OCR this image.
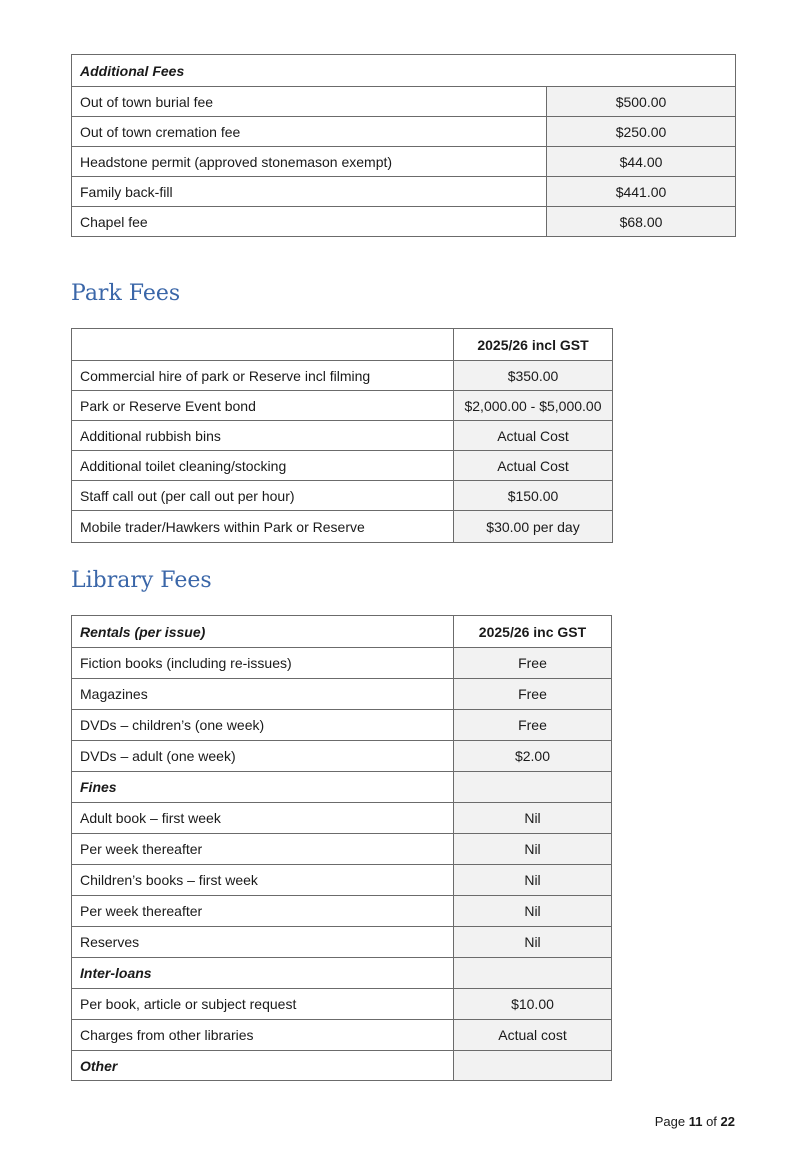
Additional Fees	
Out of town burial fee	$500.00
Out of town cremation fee	$250.00
Headstone permit (approved stonemason exempt)	$44.00
Family back-fill	$441.00
Chapel fee	$68.00
Park Fees
	2025/26 incl GST
Commercial hire of park or Reserve incl filming	$350.00
Park or Reserve Event bond	$2,000.00 - $5,000.00
Additional rubbish bins	Actual Cost
Additional toilet cleaning/stocking	Actual Cost
Staff call out (per call out per hour)	$150.00
Mobile trader/Hawkers within Park or Reserve	$30.00 per day
Library Fees
Rentals (per issue)	2025/26 inc GST
Fiction books (including re-issues)	Free
Magazines	Free
DVDs – children’s (one week)	Free
DVDs – adult (one week)	$2.00
Fines	
Adult book – first week	Nil
Per week thereafter	Nil
Children’s books – first week	Nil
Per week thereafter	Nil
Reserves	Nil
Inter-loans	
Per book, article or subject request	$10.00
Charges from other libraries	Actual cost
Other	
Page 11 of 22
